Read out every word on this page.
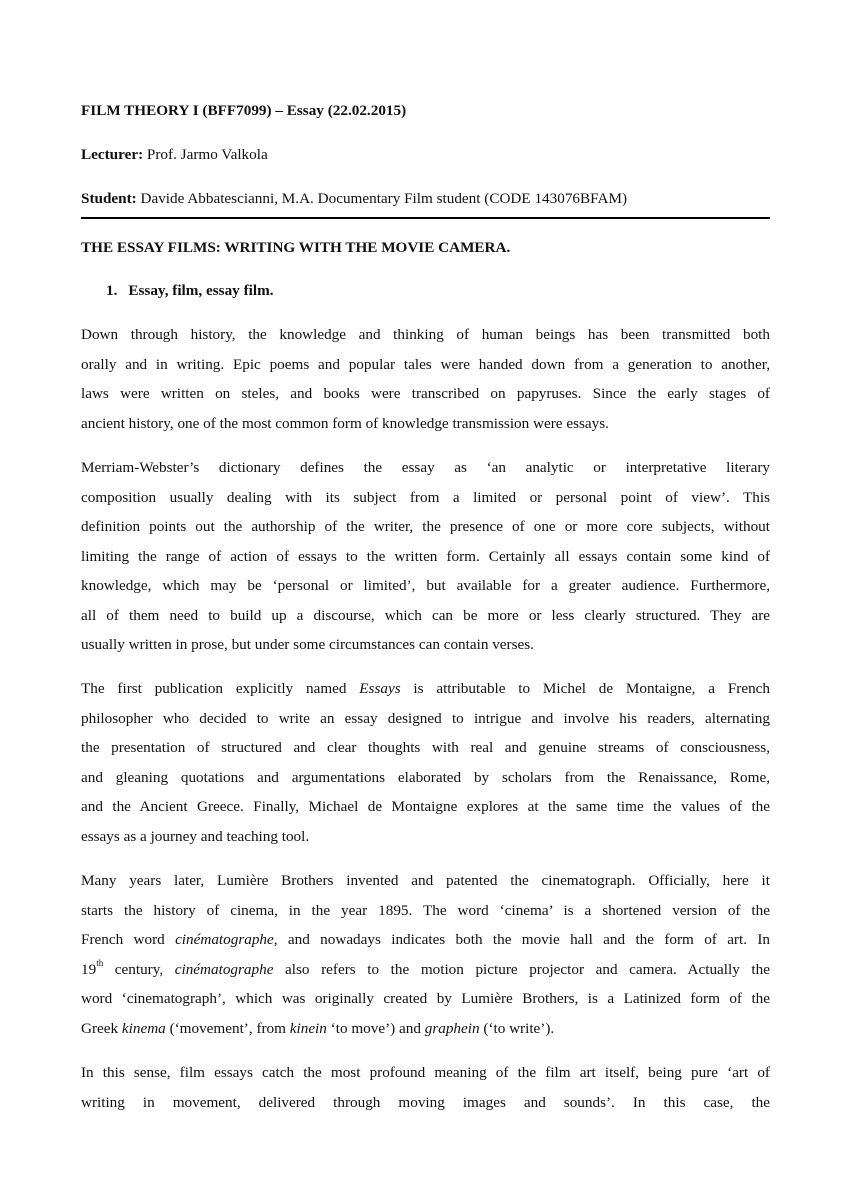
FILM THEORY I (BFF7099) – Essay (22.02.2015)
Lecturer: Prof. Jarmo Valkola
Student: Davide Abbatescianni, M.A. Documentary Film student (CODE 143076BFAM)
THE ESSAY FILMS: WRITING WITH THE MOVIE CAMERA.
1. Essay, film, essay film.
Down through history, the knowledge and thinking of human beings has been transmitted both
orally and in writing. Epic poems and popular tales were handed down from a generation to another,
laws were written on steles, and books were transcribed on papyruses. Since the early stages of
ancient history, one of the most common form of knowledge transmission were essays.
Merriam-Webster’s dictionary defines the essay as ‘an analytic or interpretative literary
composition usually dealing with its subject from a limited or personal point of view’. This
definition points out the authorship of the writer, the presence of one or more core subjects, without
limiting the range of action of essays to the written form. Certainly all essays contain some kind of
knowledge, which may be ‘personal or limited’, but available for a greater audience. Furthermore,
all of them need to build up a discourse, which can be more or less clearly structured. They are
usually written in prose, but under some circumstances can contain verses.
The first publication explicitly named Essays is attributable to Michel de Montaigne, a French
philosopher who decided to write an essay designed to intrigue and involve his readers, alternating
the presentation of structured and clear thoughts with real and genuine streams of consciousness,
and gleaning quotations and argumentations elaborated by scholars from the Renaissance, Rome,
and the Ancient Greece. Finally, Michael de Montaigne explores at the same time the values of the
essays as a journey and teaching tool.
Many years later, Lumière Brothers invented and patented the cinematograph. Officially, here it
starts the history of cinema, in the year 1895. The word ‘cinema’ is a shortened version of the
French word cinématographe, and nowadays indicates both the movie hall and the form of art. In
19th century, cinématographe also refers to the motion picture projector and camera. Actually the
word ‘cinematograph’, which was originally created by Lumière Brothers, is a Latinized form of the
Greek kinema (‘movement’, from kinein ‘to move’) and graphein (‘to write’).
In this sense, film essays catch the most profound meaning of the film art itself, being pure ‘art of
writing in movement, delivered through moving images and sounds’. In this case, the
